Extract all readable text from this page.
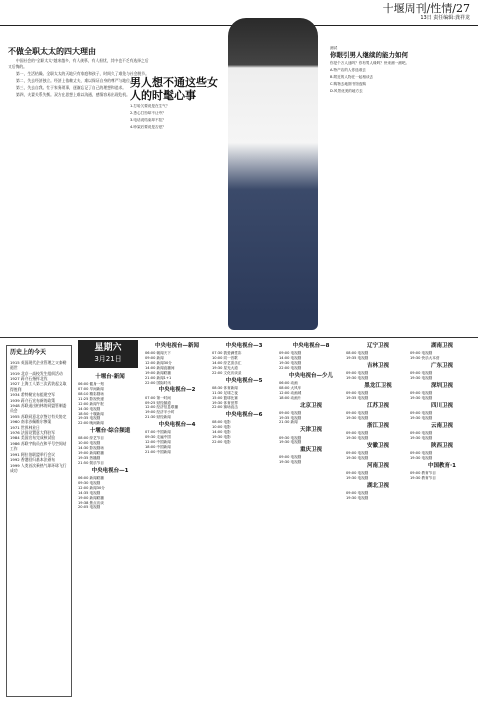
十堰周刊/性情/27
13日 责任编辑:龚祥龙
不做全职太太的四大理由
中国社会的"全职太太"越来越多，有人羡慕，有人担忧，其中也不乏有选择之后又后悔的。
第一，生活枯燥。全职太太的天地只有家庭和孩子，时间久了难免与社会脱节。
第二，失去经济独立。经济上依赖丈夫，难以保证自身的尊严与地位。
第三，失去自我。忙于家务琐事，逐渐忘记了自己的理想和追求。
第四，夫妻关系失衡。双方在思想上难以沟通，感情容易出现危机。
男人想不通这些女人的时髦心事
1.打哈欠要说是在生气？
2.悉心打扮却不让夸？
3.电话说结束却不挂？
4.吵架后要说是否爱？
测试
你眼引男人继续的能力如何
你是个万人迷吗？你有男人缘吗？快来测一测吧。
A.特产店的人你选谁去
B.附近的人物在一起相谈去
C.购物去地图书馆选购
D.风景优美的地方去
历史上的今天
1915 英国现代企业管理之父泰勒逝世
1919 北京一高校发生组织活动
1927 蒋介石指挥北伐
1927 上海工人第三次武装起义取得胜利
1934 希特勒宣布组建空军
1939 蒋介石宣布新的政策
1948 苏联退出柏林的同盟管制委员会
1955 苏联同意北京签订有关协定
1960 南非沙佩维尔惨案
1971 世界林业日
1976 法国设置意大利驻军
1984 美国宣布完成核试验
1986 苏联宇航员在和平号空间站工作
1991 阿拉伯联盟举行会议
1992 香港回归基本法颁布
1999 人类首次乘热气球环球飞行成功
星期六
3月21日
十堰台·新闻
06:00 健身一刻
07:00 早间新闻
08:10 精彩剧场
11:25 影视快递
12:00 新闻午报
14:30 电视剧
18:50 十堰新闻
19:35 电视剧
22:00 晚间新闻
十堰台·综合频道
08:00 综艺节目
10:00 电视剧
14:30 影视剧场
19:00 新闻联播
19:35 热播剧
21:50 娱乐节目
中央电视台—1
06:00 新闻联播
09:30 电视剧
12:00 新闻30分
14:35 电视剧
19:00 新闻联播
19:38 焦点访谈
20:05 电视剧
中央电视台—新闻
06:00 朝闻天下
09:00 新闻
12:00 新闻30分
14:00 新闻直播间
19:00 新闻联播
21:00 新闻1+1
22:00 国际时讯
中央电视台—2
07:00 第一时间
09:25 财经频道
12:00 经济信息联播
19:00 经济半小时
21:30 财经新闻
中央电视台—4
07:00 中国新闻
09:30 走遍中国
12:00 中国新闻
18:00 中国新闻
21:00 中国新闻
中央电视台—3
07:30 我爱满堂彩
10:00 同一首歌
14:00 综艺喜乐汇
19:30 星光大道
22:00 文化访谈录
中央电视台—5
08:30 体育新闻
11:30 足球之夜
15:00 篮球比赛
19:30 体育世界
22:00 赛场直击
中央电视台—6
08:00 电影
10:00 电影
14:00 电影
19:30 电影
22:00 电影
中央电视台—8
09:00 电视剧
14:00 电视剧
19:30 电视剧
22:00 电视剧
中央电视台—少儿
06:00 动画
08:00 大风车
12:00 动画城
18:00 动画片
北京卫视
09:00 电视剧
19:35 电视剧
21:30 新闻
天津卫视
09:30 电视剧
19:30 电视剧
重庆卫视
09:00 电视剧
19:30 电视剧
辽宁卫视
08:00 电视剧
19:35 电视剧
吉林卫视
09:00 电视剧
19:30 电视剧
黑龙江卫视
09:00 电视剧
19:35 电视剧
江苏卫视
09:00 电视剧
19:30 电视剧
浙江卫视
09:00 电视剧
19:30 电视剧
安徽卫视
09:00 电视剧
19:30 电视剧
河南卫视
09:00 电视剧
19:30 电视剧
湖北卫视
09:00 电视剧
19:30 电视剧
湖南卫视
09:00 电视剧
19:30 快乐大本营
广东卫视
09:00 电视剧
19:30 电视剧
深圳卫视
09:00 电视剧
19:30 电视剧
四川卫视
09:00 电视剧
19:30 电视剧
云南卫视
09:00 电视剧
19:30 电视剧
陕西卫视
09:00 电视剧
19:30 电视剧
中国教育·1
09:00 教育节目
19:30 教育节目
